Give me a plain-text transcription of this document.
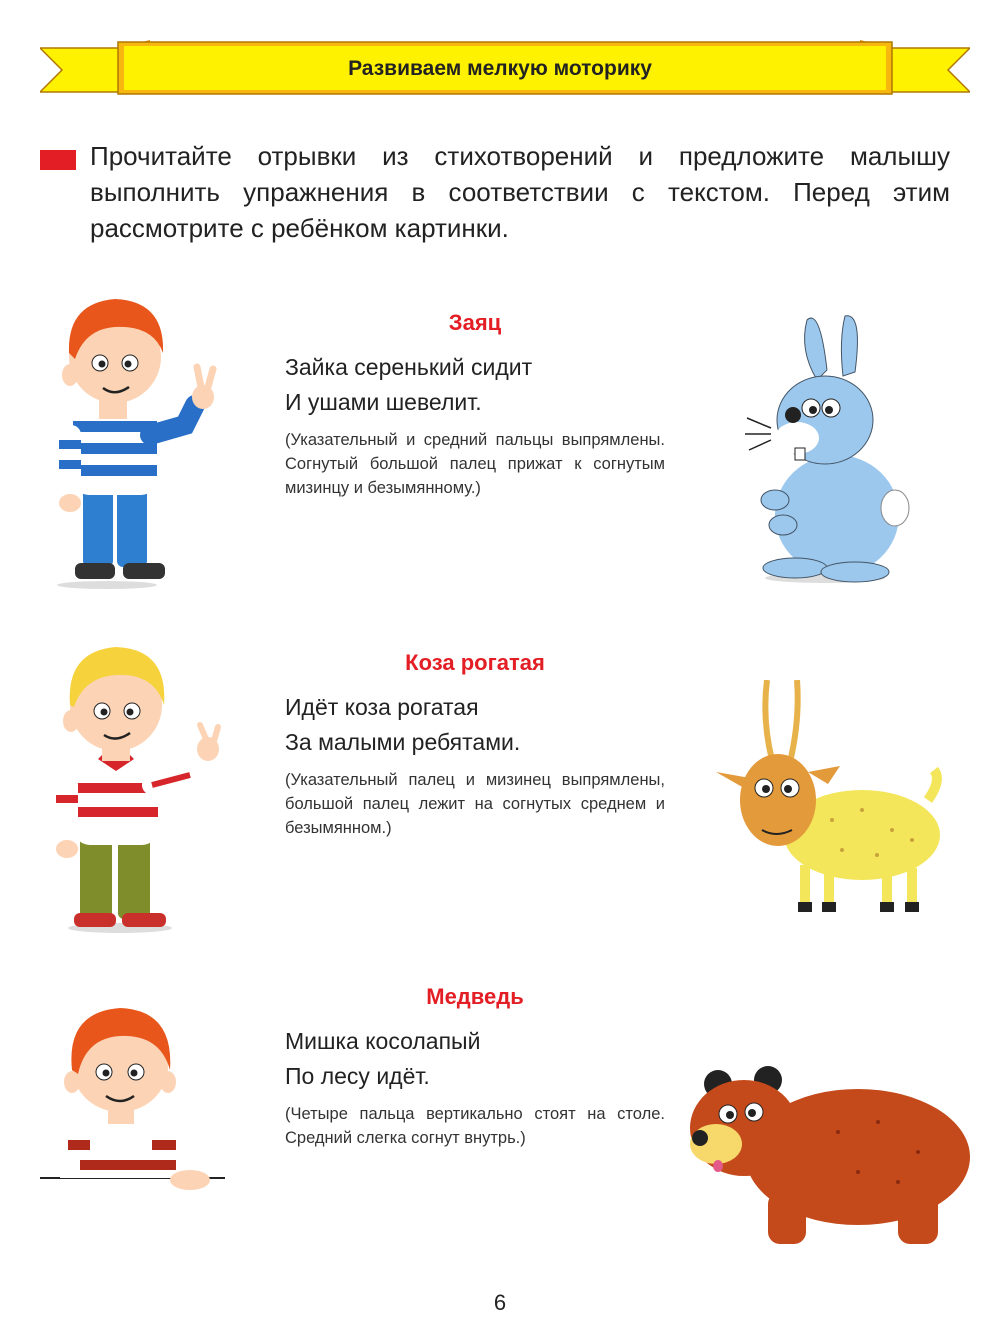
Развиваем мелкую моторику
Прочитайте отрывки из стихотворений и предложите малышу выполнить упражнения в соответствии с текстом. Перед этим рассмотрите с ребёнком картинки.
Заяц
Зайка серенький сидит
И ушами шевелит.
(Указательный и средний пальцы выпрямлены. Согнутый большой палец прижат к согнутым мизинцу и безымянному.)
Коза рогатая
Идёт коза рогатая
За малыми ребятами.
(Указательный палец и мизинец выпрямлены, большой палец лежит на согнутых среднем и безымянном.)
Медведь
Мишка косолапый
По лесу идёт.
(Четыре пальца вертикально стоят на столе. Средний слегка согнут внутрь.)
6
